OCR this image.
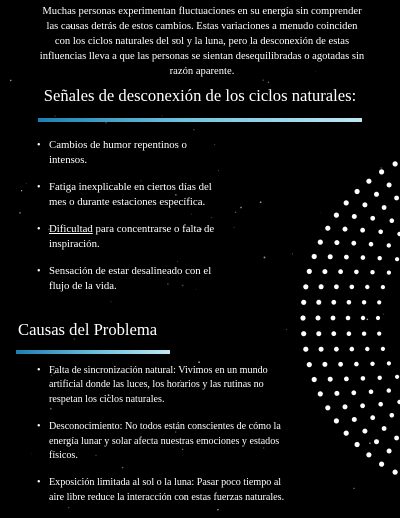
Muchas personas experimentan fluctuaciones en su energía sin comprender las causas detrás de estos cambios. Estas variaciones a menudo coinciden con los ciclos naturales del sol y la luna, pero la desconexión de estas influencias lleva a que las personas se sientan desequilibradas o agotadas sin razón aparente.

Señales de desconexión de los ciclos naturales:
• Cambios de humor repentinos o intensos.
• Fatiga inexplicable en ciertos días del mes o durante estaciones específica.
• Dificultad para concentrarse o falta de inspiración.
• Sensación de estar desalineado con el flujo de la vida.
Causas del Problema
• Falta de sincronización natural: Vivimos en un mundo artificial donde las luces, los horarios y las rutinas no respetan los ciclos naturales.
• Desconocimiento: No todos están conscientes de cómo la energía lunar y solar afecta nuestras emociones y estados físicos.
• Exposición limitada al sol o la luna: Pasar poco tiempo al aire libre reduce la interacción con estas fuerzas naturales.
